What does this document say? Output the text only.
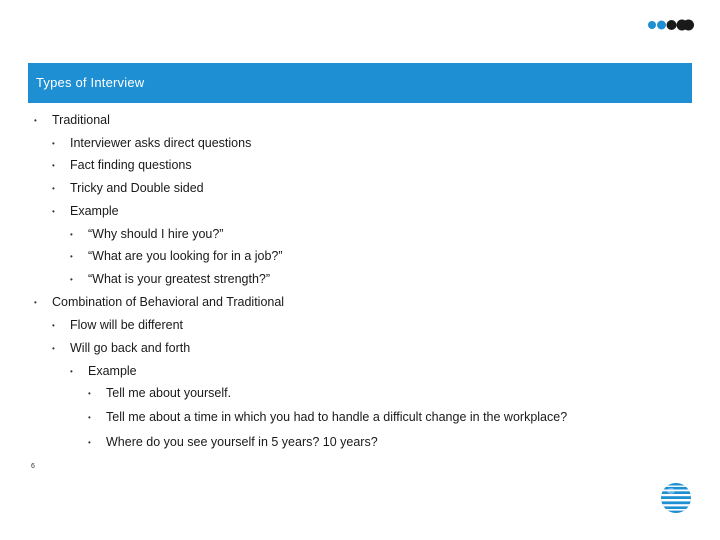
Types of Interview
•	Traditional
•	Interviewer asks direct questions
•	Fact finding questions
•	Tricky and Double sided
•	Example
•	“Why should I hire you?”
•	“What are you looking for in a job?”
•	“What is your greatest strength?”
•	Combination of Behavioral and Traditional
•	Flow will be different
•	Will go back and forth
•	Example
•	Tell me about yourself.
•	Tell me about a time in which you had to handle a difficult change in the workplace?
•	Where do you see yourself in 5 years? 10 years?
6
